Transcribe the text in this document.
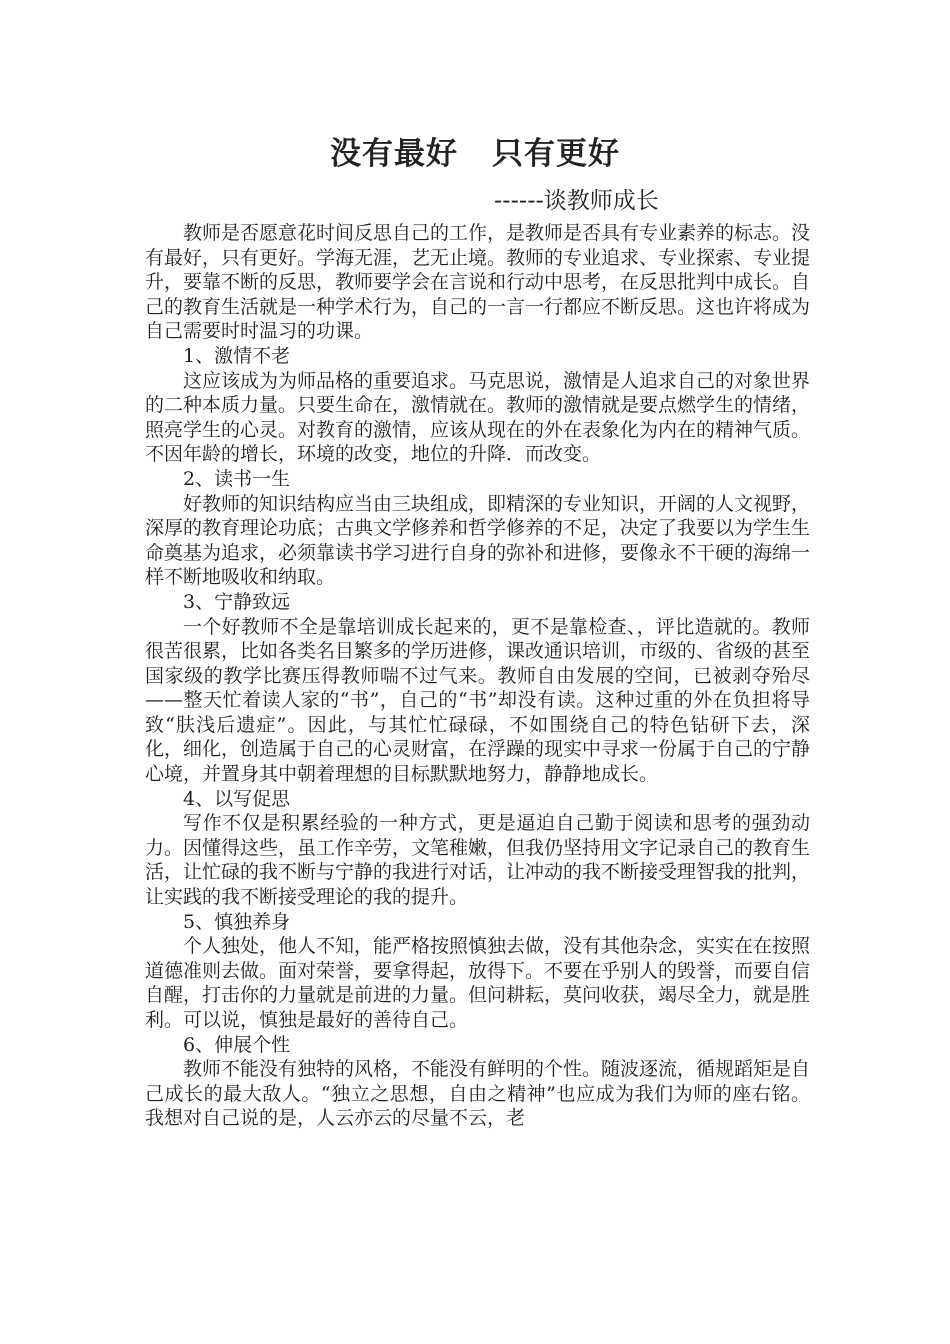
没有最好 只有更好
------谈教师成长

教师是否愿意花时间反思自己的工作，是教师是否具有专业素养的标志。没有最好，只有更好。学海无涯，艺无止境。教师的专业追求、专业探索、专业提升，要靠不断的反思，教师要学会在言说和行动中思考，在反思批判中成长。自己的教育生活就是一种学术行为，自己的一言一行都应不断反思。这也许将成为自己需要时时温习的功课。

1、激情不老

这应该成为为师品格的重要追求。马克思说，激情是人追求自己的对象世界的二种本质力量。只要生命在，激情就在。教师的激情就是要点燃学生的情绪，照亮学生的心灵。对教育的激情，应该从现在的外在表象化为内在的精神气质。不因年龄的增长，环境的改变，地位的升降．而改变。

2、读书一生

好教师的知识结构应当由三块组成，即精深的专业知识，开阔的人文视野，深厚的教育理论功底；古典文学修养和哲学修养的不足，决定了我要以为学生生命奠基为追求，必须靠读书学习进行自身的弥补和进修，要像永不干硬的海绵一样不断地吸收和纳取。

3、宁静致远

一个好教师不全是靠培训成长起来的，更不是靠检查、，评比造就的。教师很苦很累，比如各类名目繁多的学历进修，课改通识培训，市级的、省级的甚至国家级的教学比赛压得教师喘不过气来。教师自由发展的空间，已被剥夺殆尽——整天忙着读人家的“书”，自己的“书”却没有读。这种过重的外在负担将导致“肤浅后遗症”。因此，与其忙忙碌碌，不如围绕自己的特色钻研下去，深化，细化，创造属于自己的心灵财富，在浮躁的现实中寻求一份属于自己的宁静心境，并置身其中朝着理想的目标默默地努力，静静地成长。

4、以写促思

写作不仅是积累经验的一种方式，更是逼迫自己勤于阅读和思考的强劲动力。因懂得这些，虽工作辛劳，文笔稚嫩，但我仍坚持用文字记录自己的教育生活，让忙碌的我不断与宁静的我进行对话，让冲动的我不断接受理智我的批判，让实践的我不断接受理论的我的提升。

5、慎独养身

个人独处，他人不知，能严格按照慎独去做，没有其他杂念，实实在在按照道德准则去做。面对荣誉，要拿得起，放得下。不要在乎别人的毁誉，而要自信自醒，打击你的力量就是前进的力量。但问耕耘，莫问收获，竭尽全力，就是胜利。可以说，慎独是最好的善待自己。

6、伸展个性

教师不能没有独特的风格，不能没有鲜明的个性。随波逐流，循规蹈矩是自己成长的最大敌人。“独立之思想，自由之精神”也应成为我们为师的座右铭。我想对自己说的是，人云亦云的尽量不云，老
